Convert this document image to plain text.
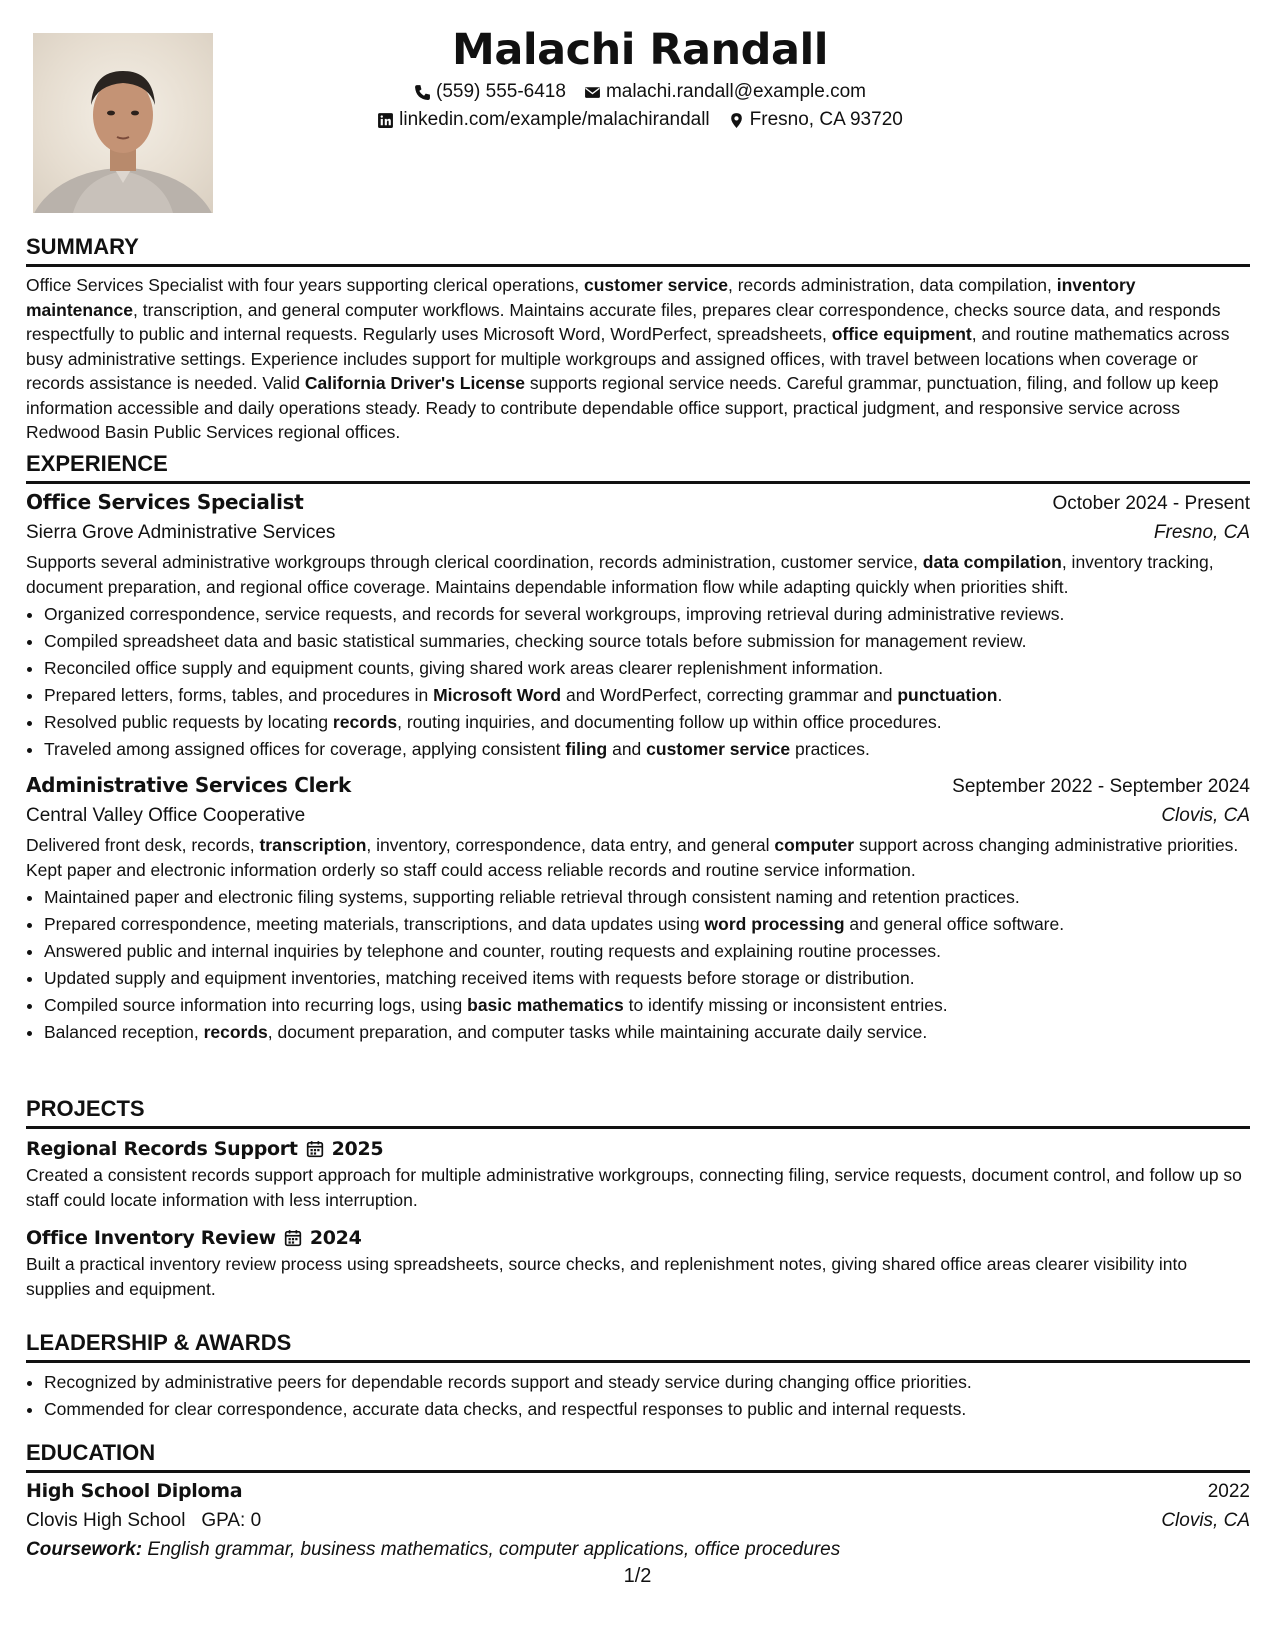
Malachi Randall
(559) 555-6418 malachi.randall@example.com
linkedin.com/example/malachirandall Fresno, CA 93720
SUMMARY

Office Services Specialist with four years supporting clerical operations, customer service, records administration, data compilation, inventory maintenance, transcription, and general computer workflows. Maintains accurate files, prepares clear correspondence, checks source data, and responds respectfully to public and internal requests. Regularly uses Microsoft Word, WordPerfect, spreadsheets, office equipment, and routine mathematics across busy administrative settings. Experience includes support for multiple workgroups and assigned offices, with travel between locations when coverage or records assistance is needed. Valid California Driver's License supports regional service needs. Careful grammar, punctuation, filing, and follow up keep information accessible and daily operations steady. Ready to contribute dependable office support, practical judgment, and responsive service across Redwood Basin Public Services regional offices.

EXPERIENCE
Office Services Specialist	October 2024 - Present
Sierra Grove Administrative Services	Fresno, CA

Supports several administrative workgroups through clerical coordination, records administration, customer service, data compilation, inventory tracking, document preparation, and regional office coverage. Maintains dependable information flow while adapting quickly when priorities shift.

• Organized correspondence, service requests, and records for several workgroups, improving retrieval during administrative reviews.
• Compiled spreadsheet data and basic statistical summaries, checking source totals before submission for management review.
• Reconciled office supply and equipment counts, giving shared work areas clearer replenishment information.
• Prepared letters, forms, tables, and procedures in Microsoft Word and WordPerfect, correcting grammar and punctuation.
• Resolved public requests by locating records, routing inquiries, and documenting follow up within office procedures.
• Traveled among assigned offices for coverage, applying consistent filing and customer service practices.
Administrative Services Clerk	September 2022 - September 2024
Central Valley Office Cooperative	Clovis, CA

Delivered front desk, records, transcription, inventory, correspondence, data entry, and general computer support across changing administrative priorities. Kept paper and electronic information orderly so staff could access reliable records and routine service information.

• Maintained paper and electronic filing systems, supporting reliable retrieval through consistent naming and retention practices.
• Prepared correspondence, meeting materials, transcriptions, and data updates using word processing and general office software.
• Answered public and internal inquiries by telephone and counter, routing requests and explaining routine processes.
• Updated supply and equipment inventories, matching received items with requests before storage or distribution.
• Compiled source information into recurring logs, using basic mathematics to identify missing or inconsistent entries.
• Balanced reception, records, document preparation, and computer tasks while maintaining accurate daily service.
PROJECTS
Regional Records Support 2025

Created a consistent records support approach for multiple administrative workgroups, connecting filing, service requests, document control, and follow up so staff could locate information with less interruption.

Office Inventory Review 2024

Built a practical inventory review process using spreadsheets, source checks, and replenishment notes, giving shared office areas clearer visibility into supplies and equipment.

LEADERSHIP & AWARDS
• Recognized by administrative peers for dependable records support and steady service during changing office priorities.
• Commended for clear correspondence, accurate data checks, and respectful responses to public and internal requests.
EDUCATION
High School Diploma	2022
Clovis High School GPA: 0	Clovis, CA
Coursework: English grammar, business mathematics, computer applications, office procedures
1/2
